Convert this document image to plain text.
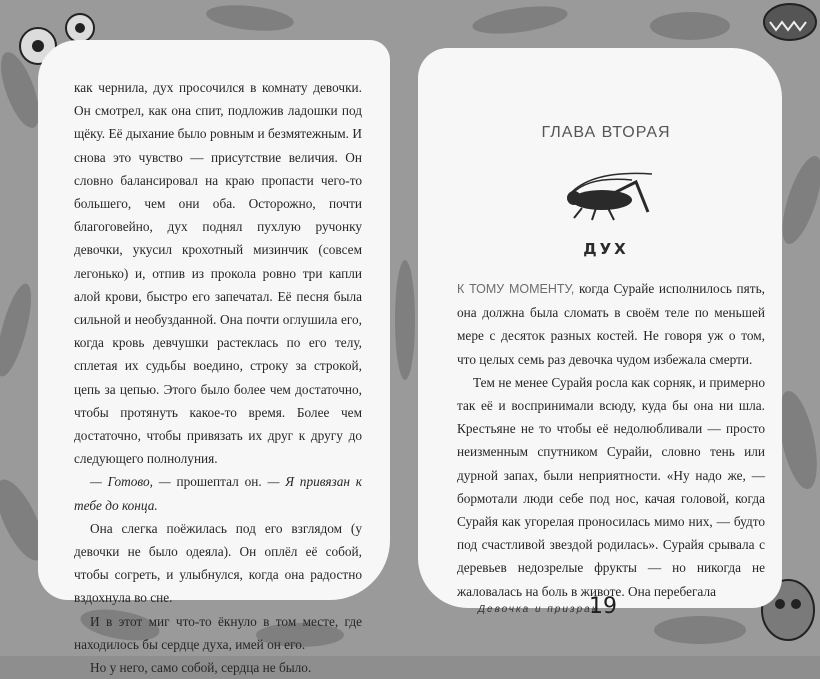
как чернила, дух просочился в комнату девочки. Он смотрел, как она спит, подложив ладошки под щёку. Её дыхание было ровным и безмятежным. И снова это чувство — присутствие величия. Он словно балансировал на краю пропасти чего-то большего, чем они оба. Осторожно, почти благоговейно, дух поднял пухлую ручонку девочки, укусил крохотный мизинчик (совсем легонько) и, отпив из прокола ровно три капли алой крови, быстро его запечатал. Её песня была сильной и необузданной. Она почти оглушила его, когда кровь девчушки растеклась по его телу, сплетая их судьбы воедино, строку за строкой, цепь за цепью. Этого было более чем достаточно, чтобы протянуть какое-то время. Более чем достаточно, чтобы привязать их друг к другу до следующего полнолуния.

— Готово, — прошептал он. — Я привязан к тебе до конца.

Она слегка поёжилась под его взглядом (у девочки не было одеяла). Он оплёл её собой, чтобы согреть, и улыбнулся, когда она радостно вздохнула во сне.

И в этот миг что-то ёкнуло в том месте, где находилось бы сердце духа, имей он его.

Но у него, само собой, сердца не было.

ГЛАВА ВТОРАЯ
ДУХ

К ТОМУ МОМЕНТУ, когда Сурайе исполнилось пять, она должна была сломать в своём теле по меньшей мере с десяток разных костей. Не говоря уж о том, что целых семь раз девочка чудом избежала смерти.

Тем не менее Сурайя росла как сорняк, и примерно так её и воспринимали всюду, куда бы она ни шла. Крестьяне не то чтобы её недолюбливали — просто неизменным спутником Сурайи, словно тень или дурной запах, были неприятности. «Ну надо же, — бормотали люди себе под нос, качая головой, когда Сурайя как угорелая проносилась мимо них, — будто под счастливой звездой родилась». Сурайя срывала с деревьев недозрелые фрукты — но никогда не жаловалась на боль в животе. Она перебегала

Девочка и призрак
19
